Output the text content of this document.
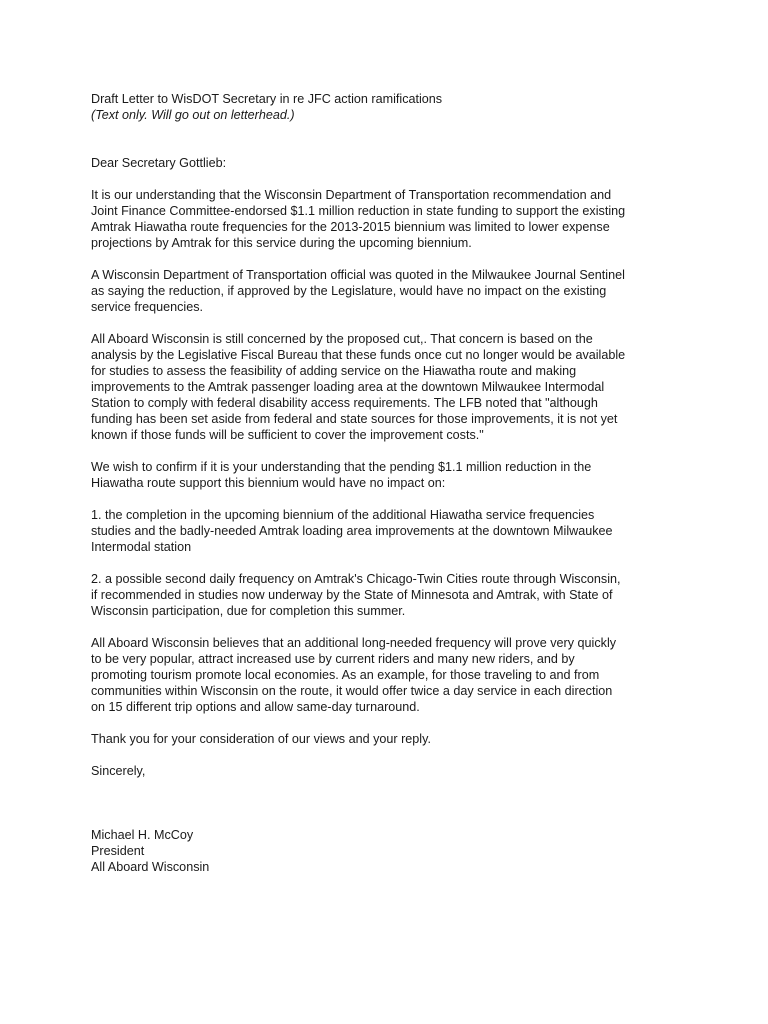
Draft Letter to WisDOT Secretary in re JFC action ramifications
(Text only. Will go out on letterhead.)
Dear Secretary Gottlieb:

It is our understanding that the Wisconsin Department of Transportation recommendation and
Joint Finance Committee-endorsed $1.1 million reduction in state funding to support the existing
Amtrak Hiawatha route frequencies for the 2013-2015 biennium was limited to lower expense
projections by Amtrak for this service during the upcoming biennium.

A Wisconsin Department of Transportation official was quoted in the Milwaukee Journal Sentinel
as saying the reduction, if approved by the Legislature, would have no impact on the existing
service frequencies.

All Aboard Wisconsin is still concerned by the proposed cut,. That concern is based on the
analysis by the Legislative Fiscal Bureau that these funds once cut no longer would be available
for studies to assess the feasibility of adding service on the Hiawatha route and making
improvements to the Amtrak passenger loading area at the downtown Milwaukee Intermodal
Station to comply with federal disability access requirements. The LFB noted that "although
funding has been set aside from federal and state sources for those improvements, it is not yet
known if those funds will be sufficient to cover the improvement costs."

We wish to confirm if it is your understanding that the pending $1.1 million reduction in the
Hiawatha route support this biennium would have no impact on:

1. the completion in the upcoming biennium of the additional Hiawatha service frequencies
studies and the badly-needed Amtrak loading area improvements at the downtown Milwaukee
Intermodal station

2. a possible second daily frequency on Amtrak's Chicago-Twin Cities route through Wisconsin,
if recommended in studies now underway by the State of Minnesota and Amtrak, with State of
Wisconsin participation, due for completion this summer.

All Aboard Wisconsin believes that an additional long-needed frequency will prove very quickly
to be very popular, attract increased use by current riders and many new riders, and by
promoting tourism promote local economies. As an example, for those traveling to and from
communities within Wisconsin on the route, it would offer twice a day service in each direction
on 15 different trip options and allow same-day turnaround.

Thank you for your consideration of our views and your reply.

Sincerely,
Michael H. McCoy
President
All Aboard Wisconsin
